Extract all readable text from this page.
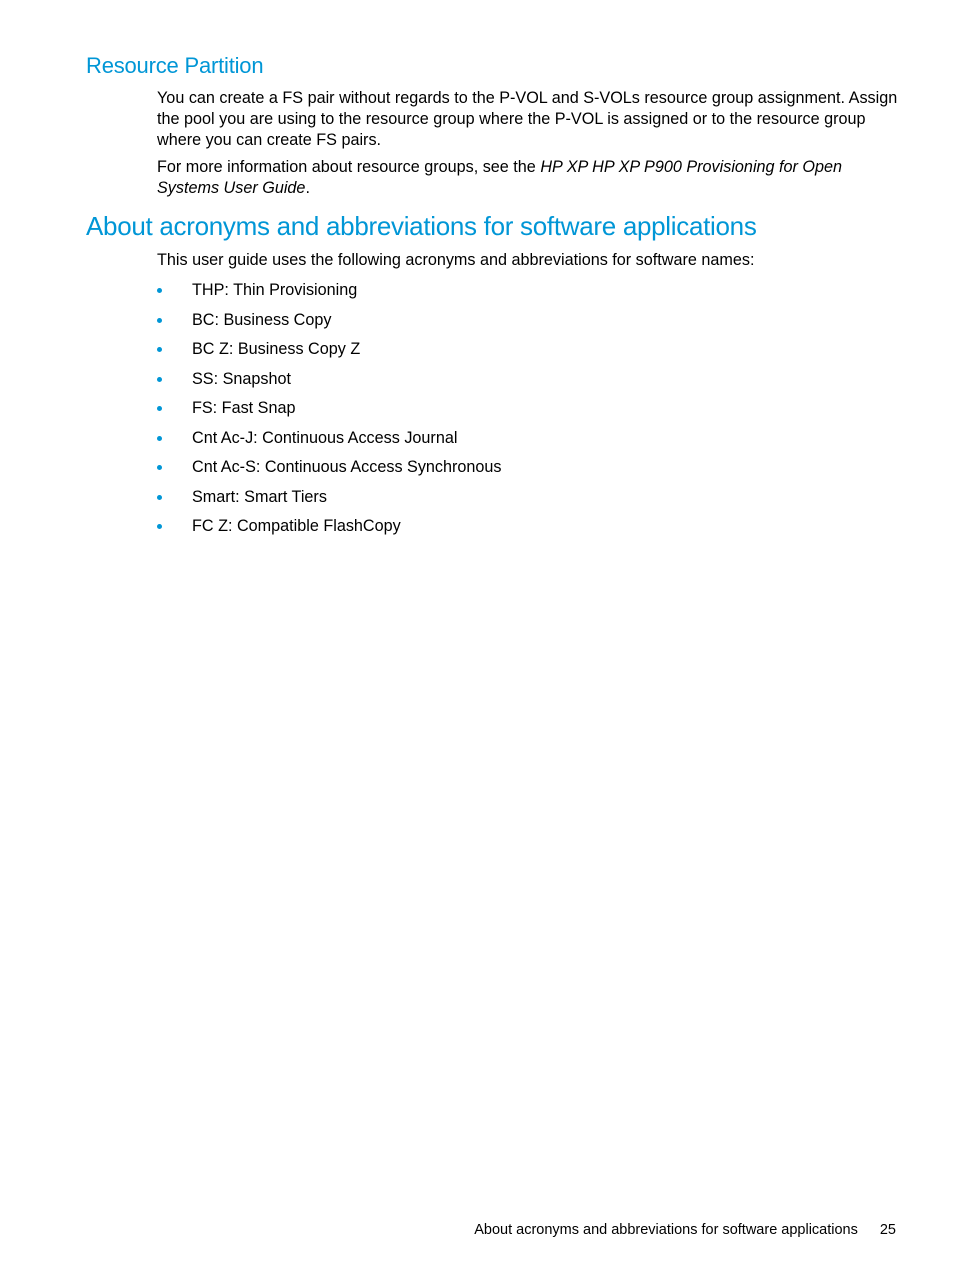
Resource Partition

You can create a FS pair without regards to the P-VOL and S-VOLs resource group assignment. Assign the pool you are using to the resource group where the P-VOL is assigned or to the resource group where you can create FS pairs.

For more information about resource groups, see the HP XP HP XP P900 Provisioning for Open Systems User Guide.

About acronyms and abbreviations for software applications

This user guide uses the following acronyms and abbreviations for software names:

THP: Thin Provisioning
BC: Business Copy
BC Z: Business Copy Z
SS: Snapshot
FS: Fast Snap
Cnt Ac-J: Continuous Access Journal
Cnt Ac-S: Continuous Access Synchronous
Smart: Smart Tiers
FC Z: Compatible FlashCopy
About acronyms and abbreviations for software applications 25
